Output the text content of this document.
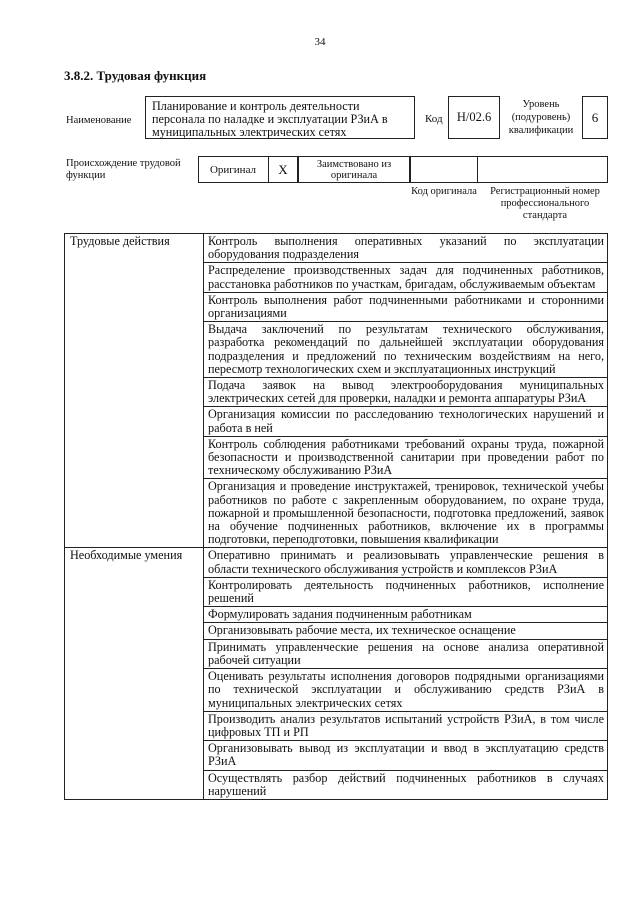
34
3.8.2. Трудовая функция
Наименование
Планирование и контроль деятельности персонала по наладке и эксплуатации РЗиА в муниципальных электрических сетях
Код	Н/02.6
Уровень (подуровень) квалификации
6
Происхождение трудовой функции	Оригинал	Х	Заимствовано из оригинала
Код оригинала	Регистрационный номер профессионального стандарта
Трудовые действия	Контроль выполнения оперативных указаний по эксплуатации оборудования подразделения
	Распределение производственных задач для подчиненных работников, расстановка работников по участкам, бригадам, обслуживаемым объектам
	Контроль выполнения работ подчиненными работниками и сторонними организациями
	Выдача заключений по результатам технического обслуживания, разработка рекомендаций по дальнейшей эксплуатации оборудования подразделения и предложений по техническим воздействиям на него, пересмотр технологических схем и эксплуатационных инструкций
	Подача заявок на вывод электрооборудования муниципальных электрических сетей для проверки, наладки и ремонта аппаратуры РЗиА
	Организация комиссии по расследованию технологических нарушений и работа в ней
	Контроль соблюдения работниками требований охраны труда, пожарной безопасности и производственной санитарии при проведении работ по техническому обслуживанию РЗиА
	Организация и проведение инструктажей, тренировок, технической учебы работников по работе с закрепленным оборудованием, по охране труда, пожарной и промышленной безопасности, подготовка предложений, заявок на обучение подчиненных работников, включение их в программы подготовки, переподготовки, повышения квалификации
Необходимые умения	Оперативно принимать и реализовывать управленческие решения в области технического обслуживания устройств и комплексов РЗиА
	Контролировать деятельность подчиненных работников, исполнение решений
	Формулировать задания подчиненным работникам
	Организовывать рабочие места, их техническое оснащение
	Принимать управленческие решения на основе анализа оперативной рабочей ситуации
	Оценивать результаты исполнения договоров подрядными организациями по технической эксплуатации и обслуживанию средств РЗиА в муниципальных электрических сетях
	Производить анализ результатов испытаний устройств РЗиА, в том числе цифровых ТП и РП
	Организовывать вывод из эксплуатации и ввод в эксплуатацию средств РЗиА
	Осуществлять разбор действий подчиненных работников в случаях нарушений
